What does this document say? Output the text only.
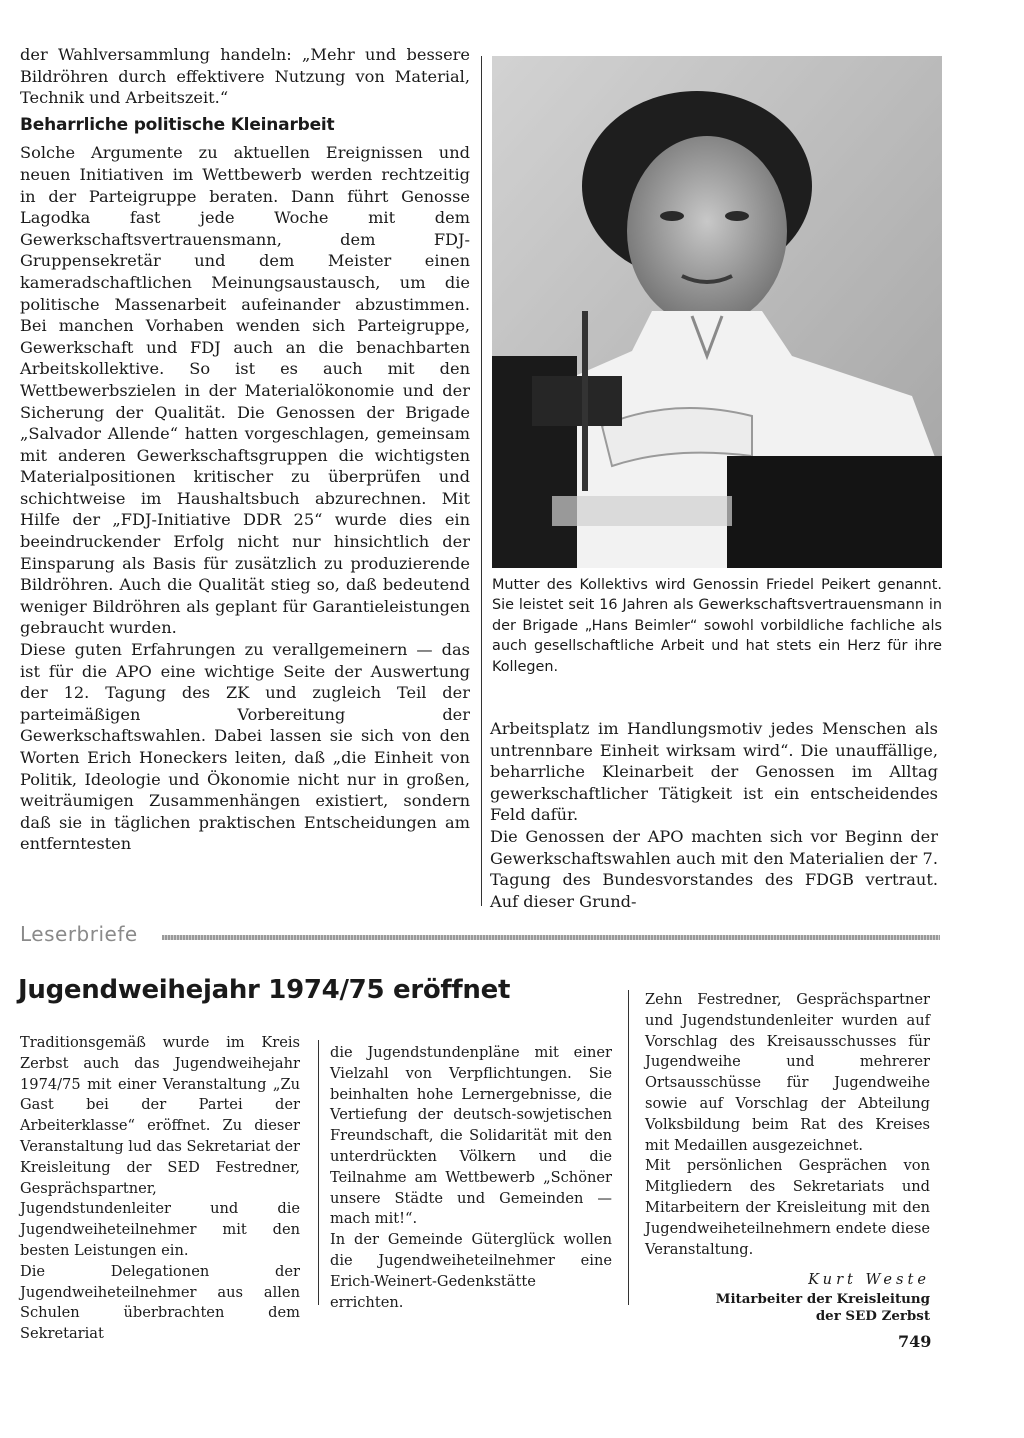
der Wahlversammlung handeln: „Mehr und bessere Bildröhren durch effektivere Nutzung von Material, Technik und Arbeitszeit.“

Beharrliche politische Kleinarbeit

Solche Argumente zu aktuellen Ereignissen und neuen Initiativen im Wettbewerb werden rechtzeitig in der Parteigruppe beraten. Dann führt Genosse Lagodka fast jede Woche mit dem Gewerkschaftsvertrauensmann, dem FDJ-Gruppensekretär und dem Meister einen kameradschaftlichen Meinungsaustausch, um die politische Massenarbeit aufeinander abzustimmen. Bei manchen Vorhaben wenden sich Parteigruppe, Gewerkschaft und FDJ auch an die benachbarten Arbeitskollektive. So ist es auch mit den Wettbewerbszielen in der Materialökonomie und der Sicherung der Qualität. Die Genossen der Brigade „Salvador Allende“ hatten vorgeschlagen, gemeinsam mit anderen Gewerkschaftsgruppen die wichtigsten Materialpositionen kritischer zu überprüfen und schichtweise im Haushaltsbuch abzurechnen. Mit Hilfe der „FDJ-Initiative DDR 25“ wurde dies ein beeindruckender Erfolg nicht nur hinsichtlich der Einsparung als Basis für zusätzlich zu produzierende Bildröhren. Auch die Qualität stieg so, daß bedeutend weniger Bildröhren als geplant für Garantieleistungen gebraucht wurden.

Diese guten Erfahrungen zu verallgemeinern — das ist für die APO eine wichtige Seite der Auswertung der 12. Tagung des ZK und zugleich Teil der parteimäßigen Vorbereitung der Gewerkschaftswahlen. Dabei lassen sie sich von den Worten Erich Honeckers leiten, daß „die Einheit von Politik, Ideologie und Ökonomie nicht nur in großen, weiträumigen Zusammenhängen existiert, sondern daß sie in täglichen praktischen Entscheidungen am entferntesten

Mutter des Kollektivs wird Genossin Friedel Peikert genannt. Sie leistet seit 16 Jahren als Gewerkschaftsvertrauensmann in der Brigade „Hans Beimler“ sowohl vorbildliche fachliche als auch gesellschaftliche Arbeit und hat stets ein Herz für ihre Kollegen.

Arbeitsplatz im Handlungsmotiv jedes Menschen als untrennbare Einheit wirksam wird“. Die unauffällige, beharrliche Kleinarbeit der Genossen im Alltag gewerkschaftlicher Tätigkeit ist ein entscheidendes Feld dafür.

Die Genossen der APO machten sich vor Beginn der Gewerkschaftswahlen auch mit den Materialien der 7. Tagung des Bundesvorstandes des FDGB vertraut. Auf dieser Grund-

Leserbriefe
Jugendweihejahr 1974/75 eröffnet

Traditionsgemäß wurde im Kreis Zerbst auch das Jugendweihejahr 1974/75 mit einer Veranstaltung „Zu Gast bei der Partei der Arbeiterklasse“ eröffnet. Zu dieser Veranstaltung lud das Sekretariat der Kreisleitung der SED Festredner, Gesprächspartner, Jugendstundenleiter und die Jugendweiheteilnehmer mit den besten Leistungen ein.

Die Delegationen der Jugendweiheteilnehmer aus allen Schulen überbrachten dem Sekretariat

die Jugendstundenpläne mit einer Vielzahl von Verpflichtungen. Sie beinhalten hohe Lernergebnisse, die Vertiefung der deutsch-sowjetischen Freundschaft, die Solidarität mit den unterdrückten Völkern und die Teilnahme am Wettbewerb „Schöner unsere Städte und Gemeinden — mach mit!“.

In der Gemeinde Güterglück wollen die Jugendweiheteilnehmer eine Erich-Weinert-Gedenkstätte errichten.

Zehn Festredner, Gesprächspartner und Jugendstundenleiter wurden auf Vorschlag des Kreisausschusses für Jugendweihe und mehrerer Ortsausschüsse für Jugendweihe sowie auf Vorschlag der Abteilung Volksbildung beim Rat des Kreises mit Medaillen ausgezeichnet.

Mit persönlichen Gesprächen von Mitgliedern des Sekretariats und Mitarbeitern der Kreisleitung mit den Jugendweiheteilnehmern endete diese Veranstaltung.

Kurt Weste
Mitarbeiter der Kreisleitung
der SED Zerbst
749
